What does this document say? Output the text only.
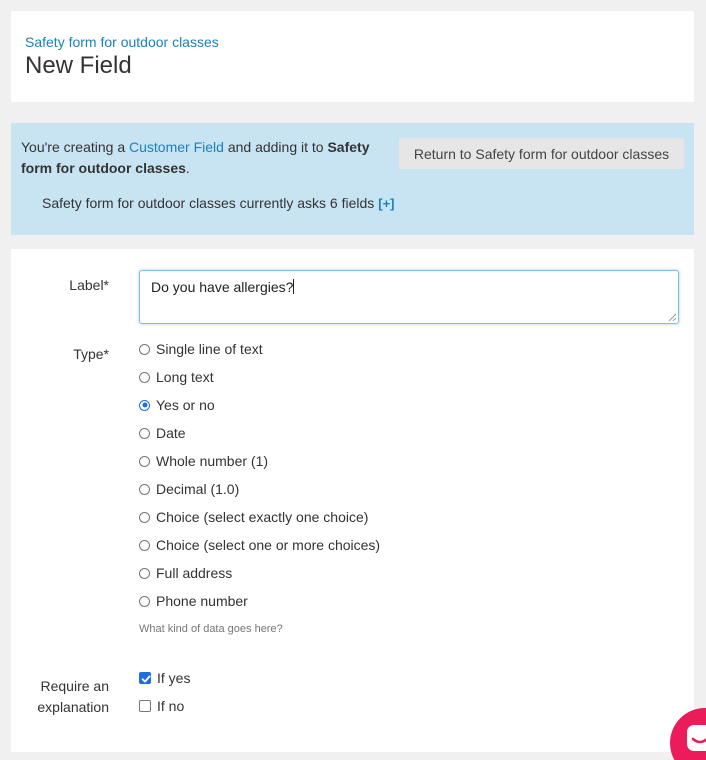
Safety form for outdoor classes
New Field
You're creating a Customer Field and adding it to Safety form for outdoor classes.
Return to Safety form for outdoor classes
Safety form for outdoor classes currently asks 6 fields [+]
Label*	Do you have allergies?
Type*	Single line of text
Long text
Yes or no
Date
Whole number (1)
Decimal (1.0)
Choice (select exactly one choice)
Choice (select one or more choices)
Full address
Phone number
What kind of data goes here?
Require an
explanation
If yes
If no
